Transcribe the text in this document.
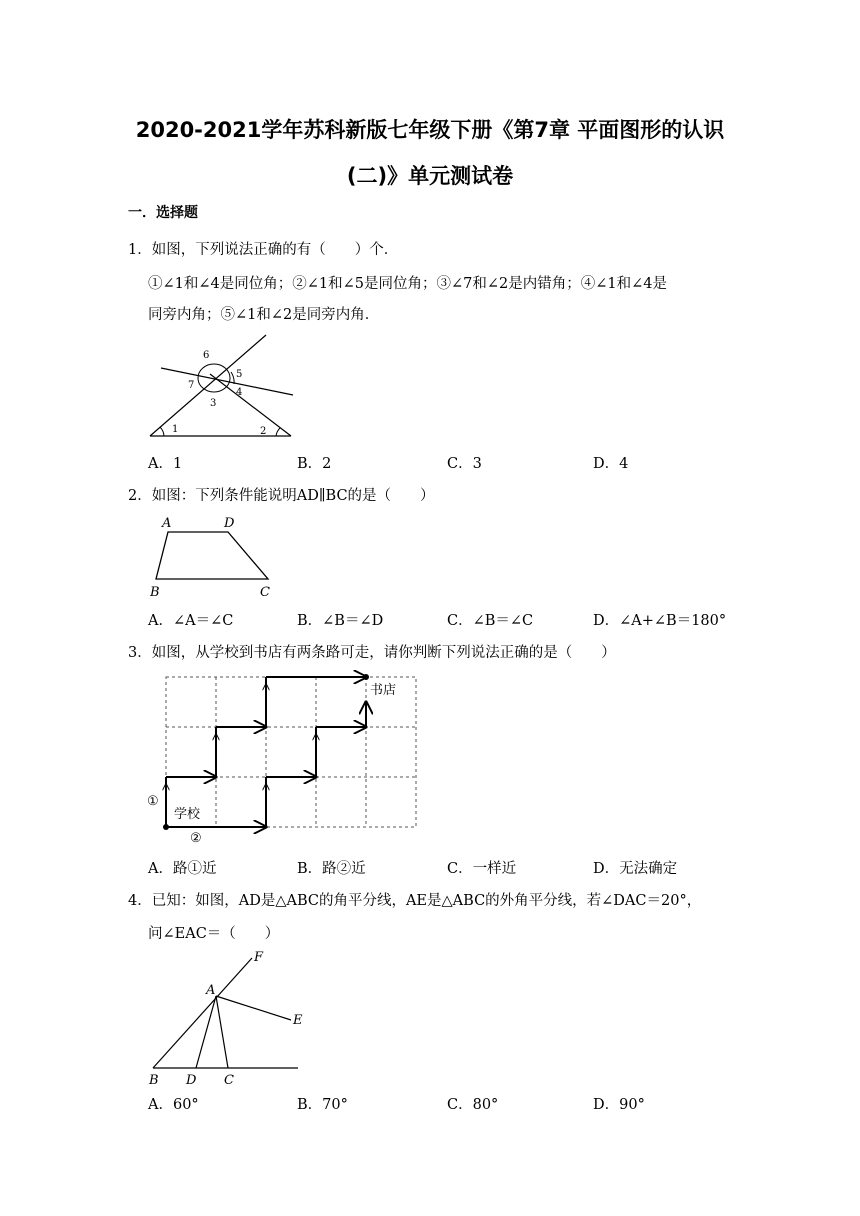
2020-2021学年苏科新版七年级下册《第7章 平面图形的认识
(二)》单元测试卷
一．选择题
1．如图，下列说法正确的有（　　）个．
①∠1和∠4是同位角；②∠1和∠5是同位角；③∠7和∠2是内错角；④∠1和∠4是
同旁内角；⑤∠1和∠2是同旁内角．
6
7
5
4
3
1	2
A．1	B．2	C．3	D．4
2．如图：下列条件能说明AD∥BC的是（　　）
A	D
B	C
A．∠A＝∠C	B．∠B＝∠D	C．∠B＝∠C	D．∠A+∠B＝180°
3．如图，从学校到书店有两条路可走，请你判断下列说法正确的是（　　）
书店
①
学校
②
A．路①近	B．路②近	C．一样近	D．无法确定
4．已知：如图，AD是△ABC的角平分线，AE是△ABC的外角平分线，若∠DAC＝20°，
问∠EAC＝（　　）
F
A
E
B D C
A．60°	B．70°	C．80°	D．90°
